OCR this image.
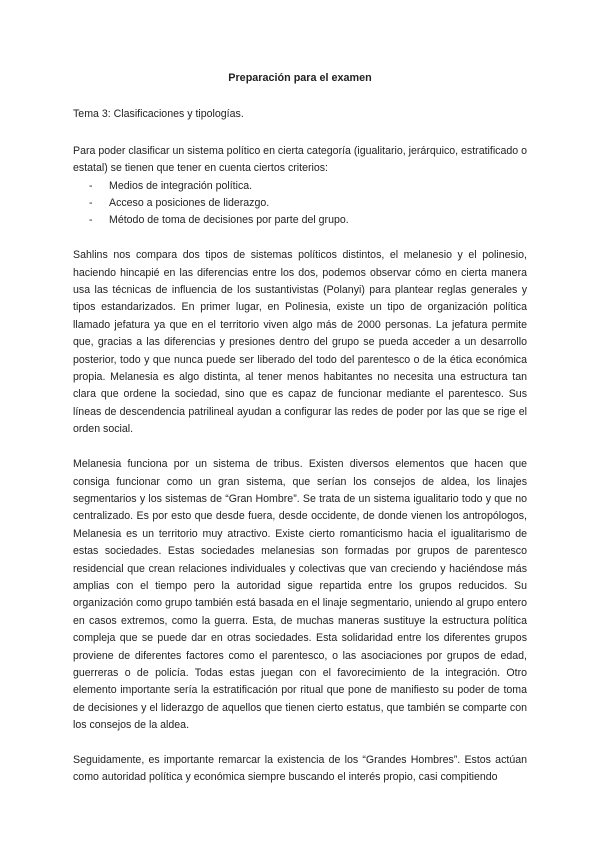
Preparación para el examen
Tema 3: Clasificaciones y tipologías.

Para poder clasificar un sistema político en cierta categoría (igualitario, jerárquico, estratificado o estatal) se tienen que tener en cuenta ciertos criterios:

- Medios de integración política.
- Acceso a posiciones de liderazgo.
- Método de toma de decisiones por parte del grupo.

Sahlins nos compara dos tipos de sistemas políticos distintos, el melanesio y el polinesio, haciendo hincapié en las diferencias entre los dos, podemos observar cómo en cierta manera usa las técnicas de influencia de los sustantivistas (Polanyi) para plantear reglas generales y tipos estandarizados. En primer lugar, en Polinesia, existe un tipo de organización política llamado jefatura ya que en el territorio viven algo más de 2000 personas. La jefatura permite que, gracias a las diferencias y presiones dentro del grupo se pueda acceder a un desarrollo posterior, todo y que nunca puede ser liberado del todo del parentesco o de la ética económica propia. Melanesia es algo distinta, al tener menos habitantes no necesita una estructura tan clara que ordene la sociedad, sino que es capaz de funcionar mediante el parentesco. Sus líneas de descendencia patrilineal ayudan a configurar las redes de poder por las que se rige el orden social.

Melanesia funciona por un sistema de tribus. Existen diversos elementos que hacen que consiga funcionar como un gran sistema, que serían los consejos de aldea, los linajes segmentarios y los sistemas de “Gran Hombre”. Se trata de un sistema igualitario todo y que no centralizado. Es por esto que desde fuera, desde occidente, de donde vienen los antropólogos, Melanesia es un territorio muy atractivo. Existe cierto romanticismo hacia el igualitarismo de estas sociedades. Estas sociedades melanesias son formadas por grupos de parentesco residencial que crean relaciones individuales y colectivas que van creciendo y haciéndose más amplias con el tiempo pero la autoridad sigue repartida entre los grupos reducidos. Su organización como grupo también está basada en el linaje segmentario, uniendo al grupo entero en casos extremos, como la guerra. Esta, de muchas maneras sustituye la estructura política compleja que se puede dar en otras sociedades. Esta solidaridad entre los diferentes grupos proviene de diferentes factores como el parentesco, o las asociaciones por grupos de edad, guerreras o de policía. Todas estas juegan con el favorecimiento de la integración. Otro elemento importante sería la estratificación por ritual que pone de manifiesto su poder de toma de decisiones y el liderazgo de aquellos que tienen cierto estatus, que también se comparte con los consejos de la aldea.

Seguidamente, es importante remarcar la existencia de los “Grandes Hombres”. Estos actúan como autoridad política y económica siempre buscando el interés propio, casi compitiendo
